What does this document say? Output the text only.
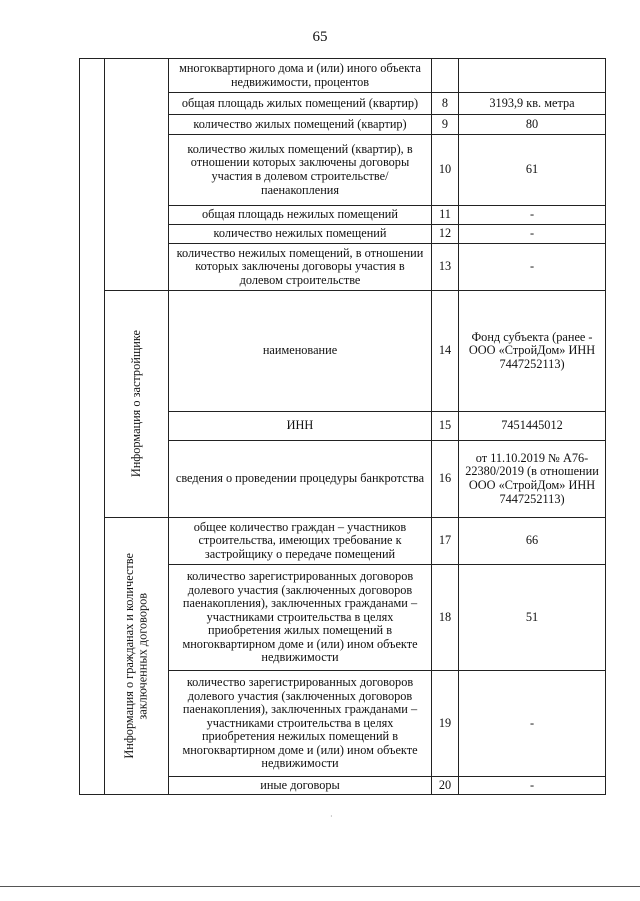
65
		многоквартирного дома и (или) иного объекта недвижимости, процентов		
		общая площадь жилых помещений (квартир)	8	3193,9 кв. метра
		количество жилых помещений (квартир)	9	80
		количество жилых помещений (квартир), в отношении которых заключены договоры участия в долевом строительстве/паенакопления	10	61
		общая площадь нежилых помещений	11	-
		количество нежилых помещений	12	-
		количество нежилых помещений, в отношении которых заключены договоры участия в долевом строительстве	13	-

	Информация о застройщике	наименование	14	Фонд субъекта (ранее - ООО «СтройДом» ИНН 7447252113)
		ИНН	15	7451445012
		сведения о проведении процедуры банкротства	16	от 11.10.2019 № А76-22380/2019 (в отношении ООО «СтройДом» ИНН 7447252113)

	Информация о гражданах и количестве
заключенных договоров	общее количество граждан – участников строительства, имеющих требование к застройщику о передаче помещений	17	66
		количество зарегистрированных договоров долевого участия (заключенных договоров паенакопления), заключенных гражданами – участниками строительства в целях приобретения жилых помещений в многоквартирном доме и (или) ином объекте недвижимости	18	51
		количество зарегистрированных договоров долевого участия (заключенных договоров паенакопления), заключенных гражданами – участниками строительства в целях приобретения нежилых помещений в многоквартирном доме и (или) ином объекте недвижимости	19	-
		иные договоры	20	-
·
